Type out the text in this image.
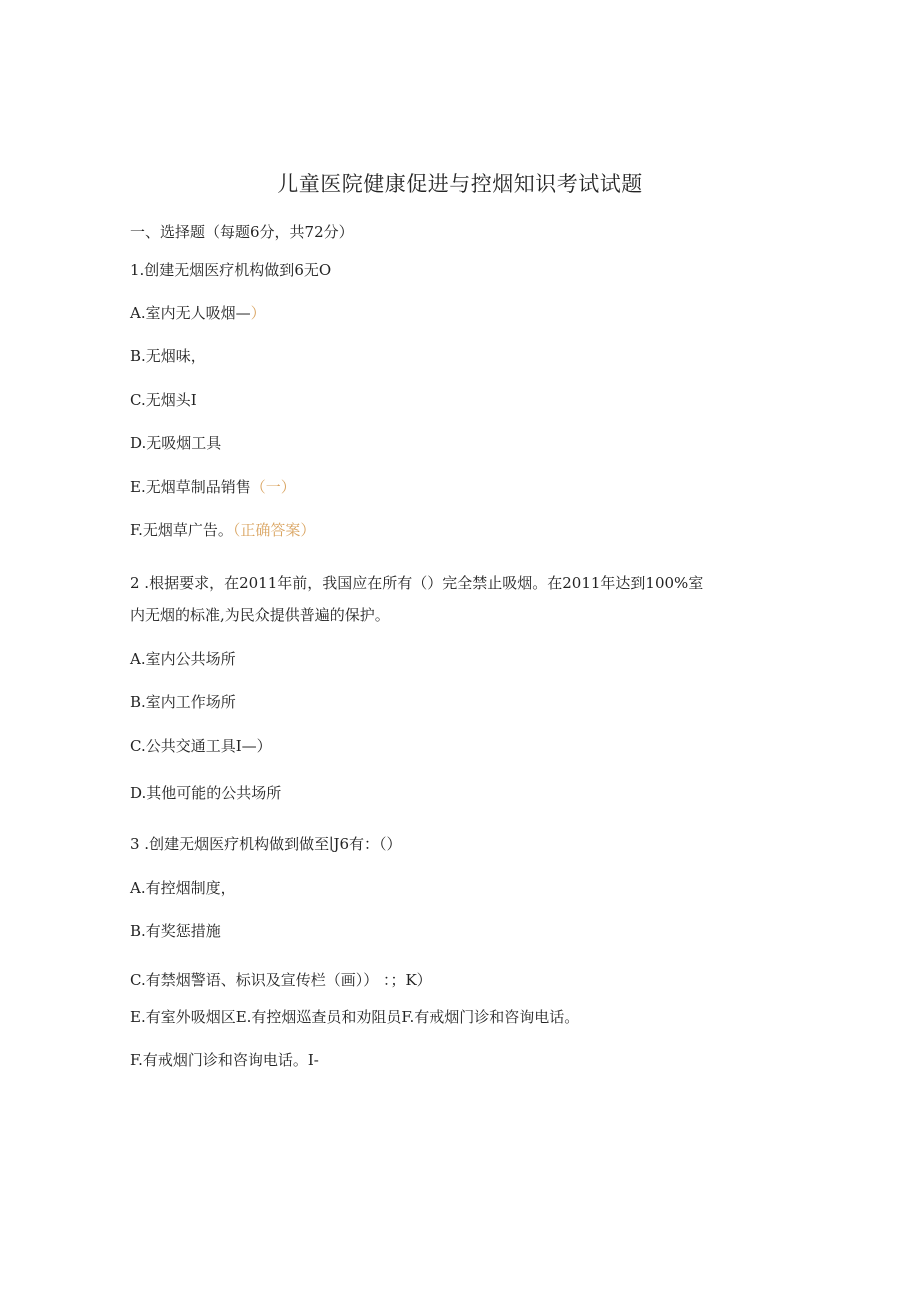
儿童医院健康促进与控烟知识考试试题
一、选择题（每题6分，共72分）
1.创建无烟医疗机构做到6无O
A.室内无人吸烟—）
B.无烟味，
C.无烟头I
D.无吸烟工具
E.无烟草制品销售（一）
F.无烟草广告。（正确答案）
2 .根据要求，在2011年前，我国应在所有（）完全禁止吸烟。在2011年达到100%室
内无烟的标准,为民众提供普遍的保护。
A.室内公共场所
B.室内工作场所
C.公共交通工具I—）
D.其他可能的公共场所
3 .创建无烟医疗机构做到做至∣J6有：（）
A.有控烟制度，
B.有奖惩措施
C.有禁烟警语、标识及宣传栏（画）） ：；K）
E.有室外吸烟区E.有控烟巡查员和劝阻员F.有戒烟门诊和咨询电话。
F.有戒烟门诊和咨询电话。I-
